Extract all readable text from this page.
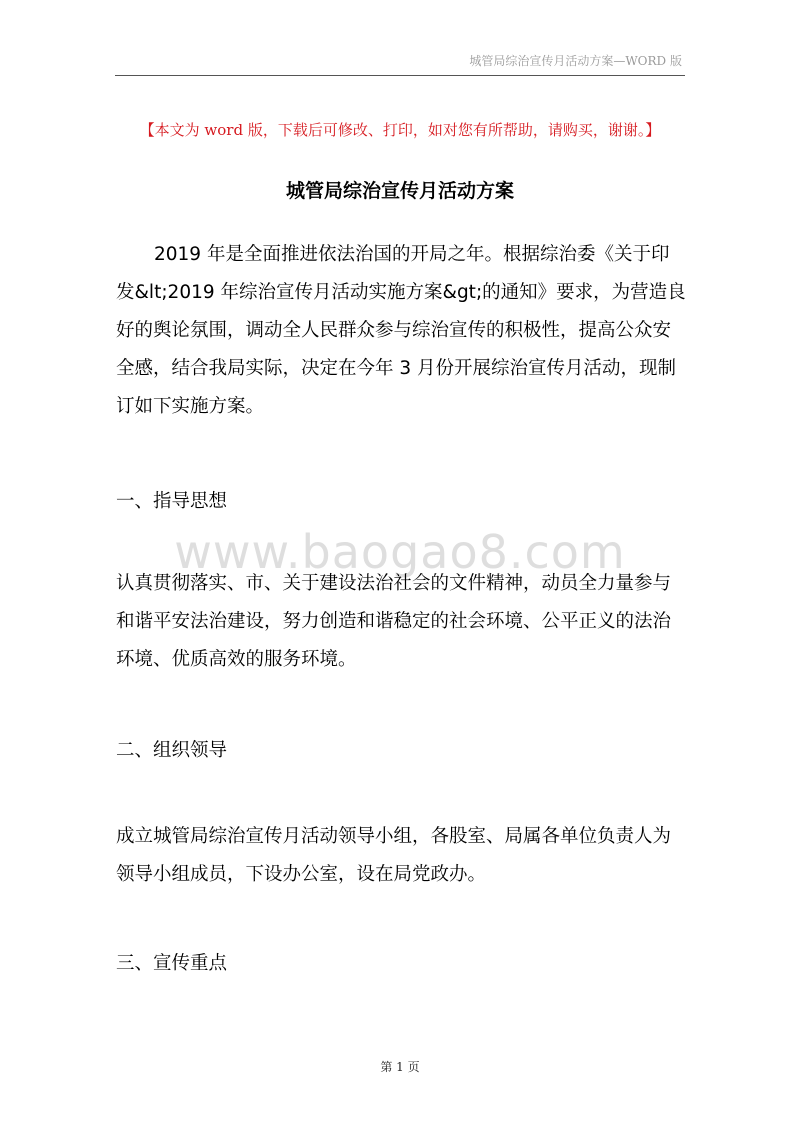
城管局综治宣传月活动方案—WORD 版
【本文为 word 版，下载后可修改、打印，如对您有所帮助，请购买，谢谢。】
城管局综治宣传月活动方案
2019 年是全面推进依法治国的开局之年。根据综治委《关于印
发&lt;2019 年综治宣传月活动实施方案&gt;的通知》要求，为营造良
好的舆论氛围，调动全人民群众参与综治宣传的积极性，提高公众安
全感，结合我局实际，决定在今年 3 月份开展综治宣传月活动，现制
订如下实施方案。
一、指导思想
www.baogao8.com
认真贯彻落实、市、关于建设法治社会的文件精神，动员全力量参与
和谐平安法治建设，努力创造和谐稳定的社会环境、公平正义的法治
环境、优质高效的服务环境。
二、组织领导
成立城管局综治宣传月活动领导小组，各股室、局属各单位负责人为
领导小组成员，下设办公室，设在局党政办。
三、宣传重点
第 1 页
